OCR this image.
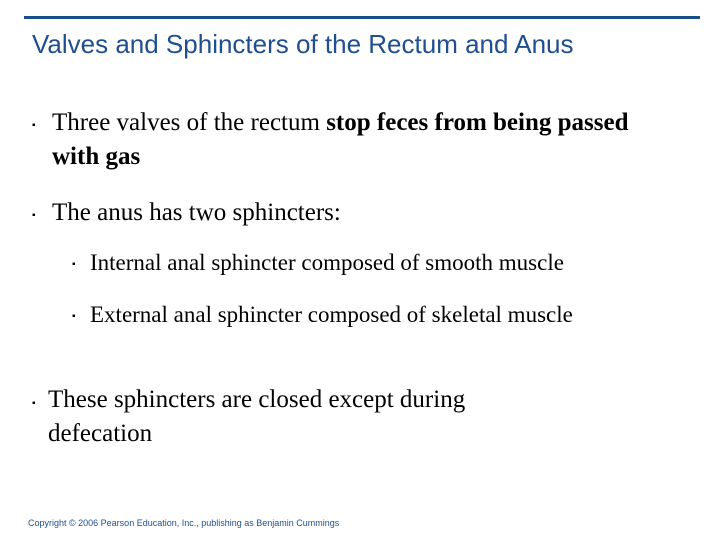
Valves and Sphincters of the Rectum and Anus
▪ Three valves of the rectum stop feces from being passed with gas
▪ The anus has two sphincters:
▪ Internal anal sphincter composed of smooth muscle
▪ External anal sphincter composed of skeletal muscle
▪ These sphincters are closed except during defecation
Copyright © 2006 Pearson Education, Inc., publishing as Benjamin Cummings
